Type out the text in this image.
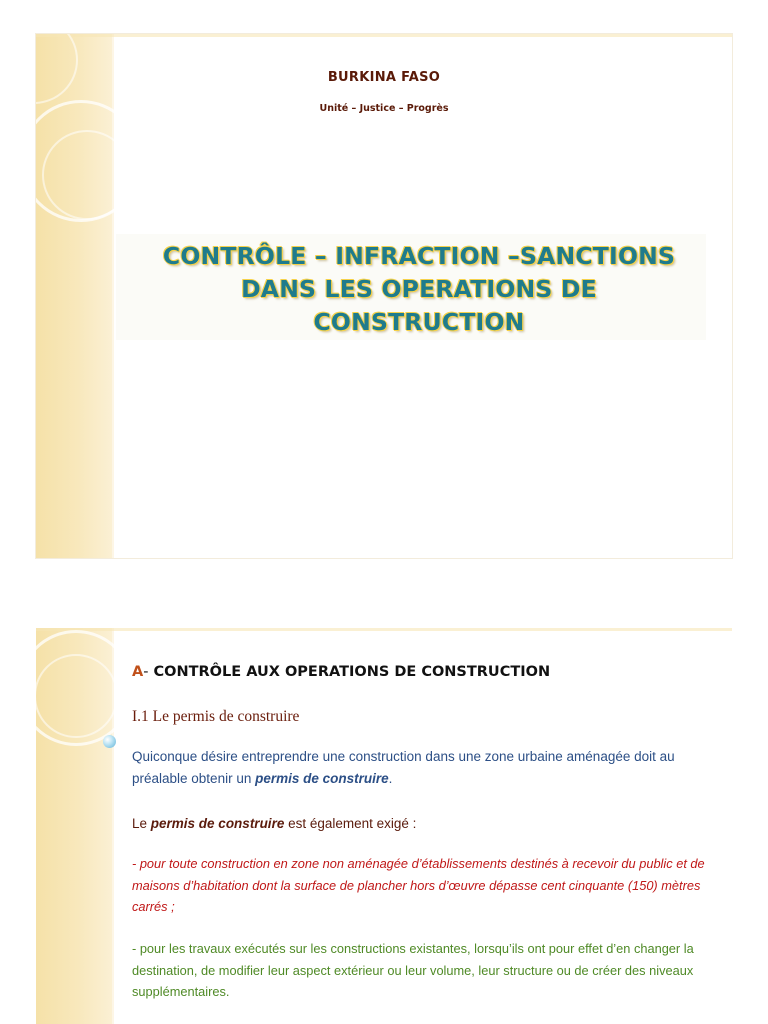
BURKINA FASO
Unité – Justice – Progrès
CONTRÔLE – INFRACTION –SANCTIONS
DANS LES OPERATIONS DE
CONSTRUCTION
A- CONTRÔLE AUX OPERATIONS DE CONSTRUCTION
I.1 Le permis de construire
Quiconque désire entreprendre une construction dans une zone urbaine aménagée doit au préalable obtenir un permis de construire.
Le permis de construire est également exigé :
- pour toute construction en zone non aménagée d’établissements destinés à recevoir du public et de maisons d’habitation dont la surface de plancher hors d’œuvre dépasse cent cinquante (150) mètres carrés ;
- pour les travaux exécutés sur les constructions existantes, lorsqu’ils ont pour effet d’en changer la destination, de modifier leur aspect extérieur ou leur volume, leur structure ou de créer des niveaux supplémentaires.
